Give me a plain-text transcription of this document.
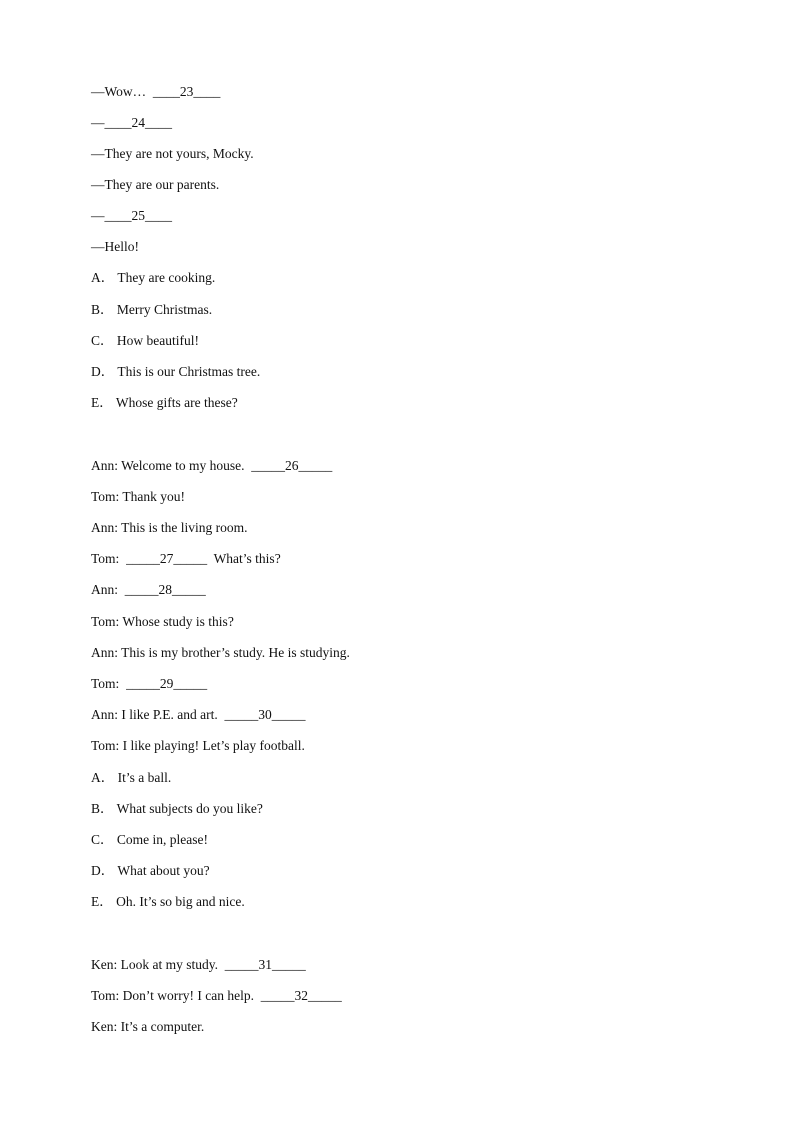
—Wow…  ____23____
—____24____
—They are not yours, Mocky.
—They are our parents.
—____25____
—Hello!
A． They are cooking.
B． Merry Christmas.
C． How beautiful!
D． This is our Christmas tree.
E． Whose gifts are these?
Ann: Welcome to my house.  _____26_____
Tom: Thank you!
Ann: This is the living room.
Tom:  _____27_____  What’s this?
Ann:  _____28_____
Tom: Whose study is this?
Ann: This is my brother’s study. He is studying.
Tom:  _____29_____
Ann: I like P.E. and art.  _____30_____
Tom: I like playing! Let’s play football.
A． It’s a ball.
B． What subjects do you like?
C． Come in, please!
D． What about you?
E． Oh. It’s so big and nice.
Ken: Look at my study.  _____31_____
Tom: Don’t worry! I can help.  _____32_____
Ken: It’s a computer.
